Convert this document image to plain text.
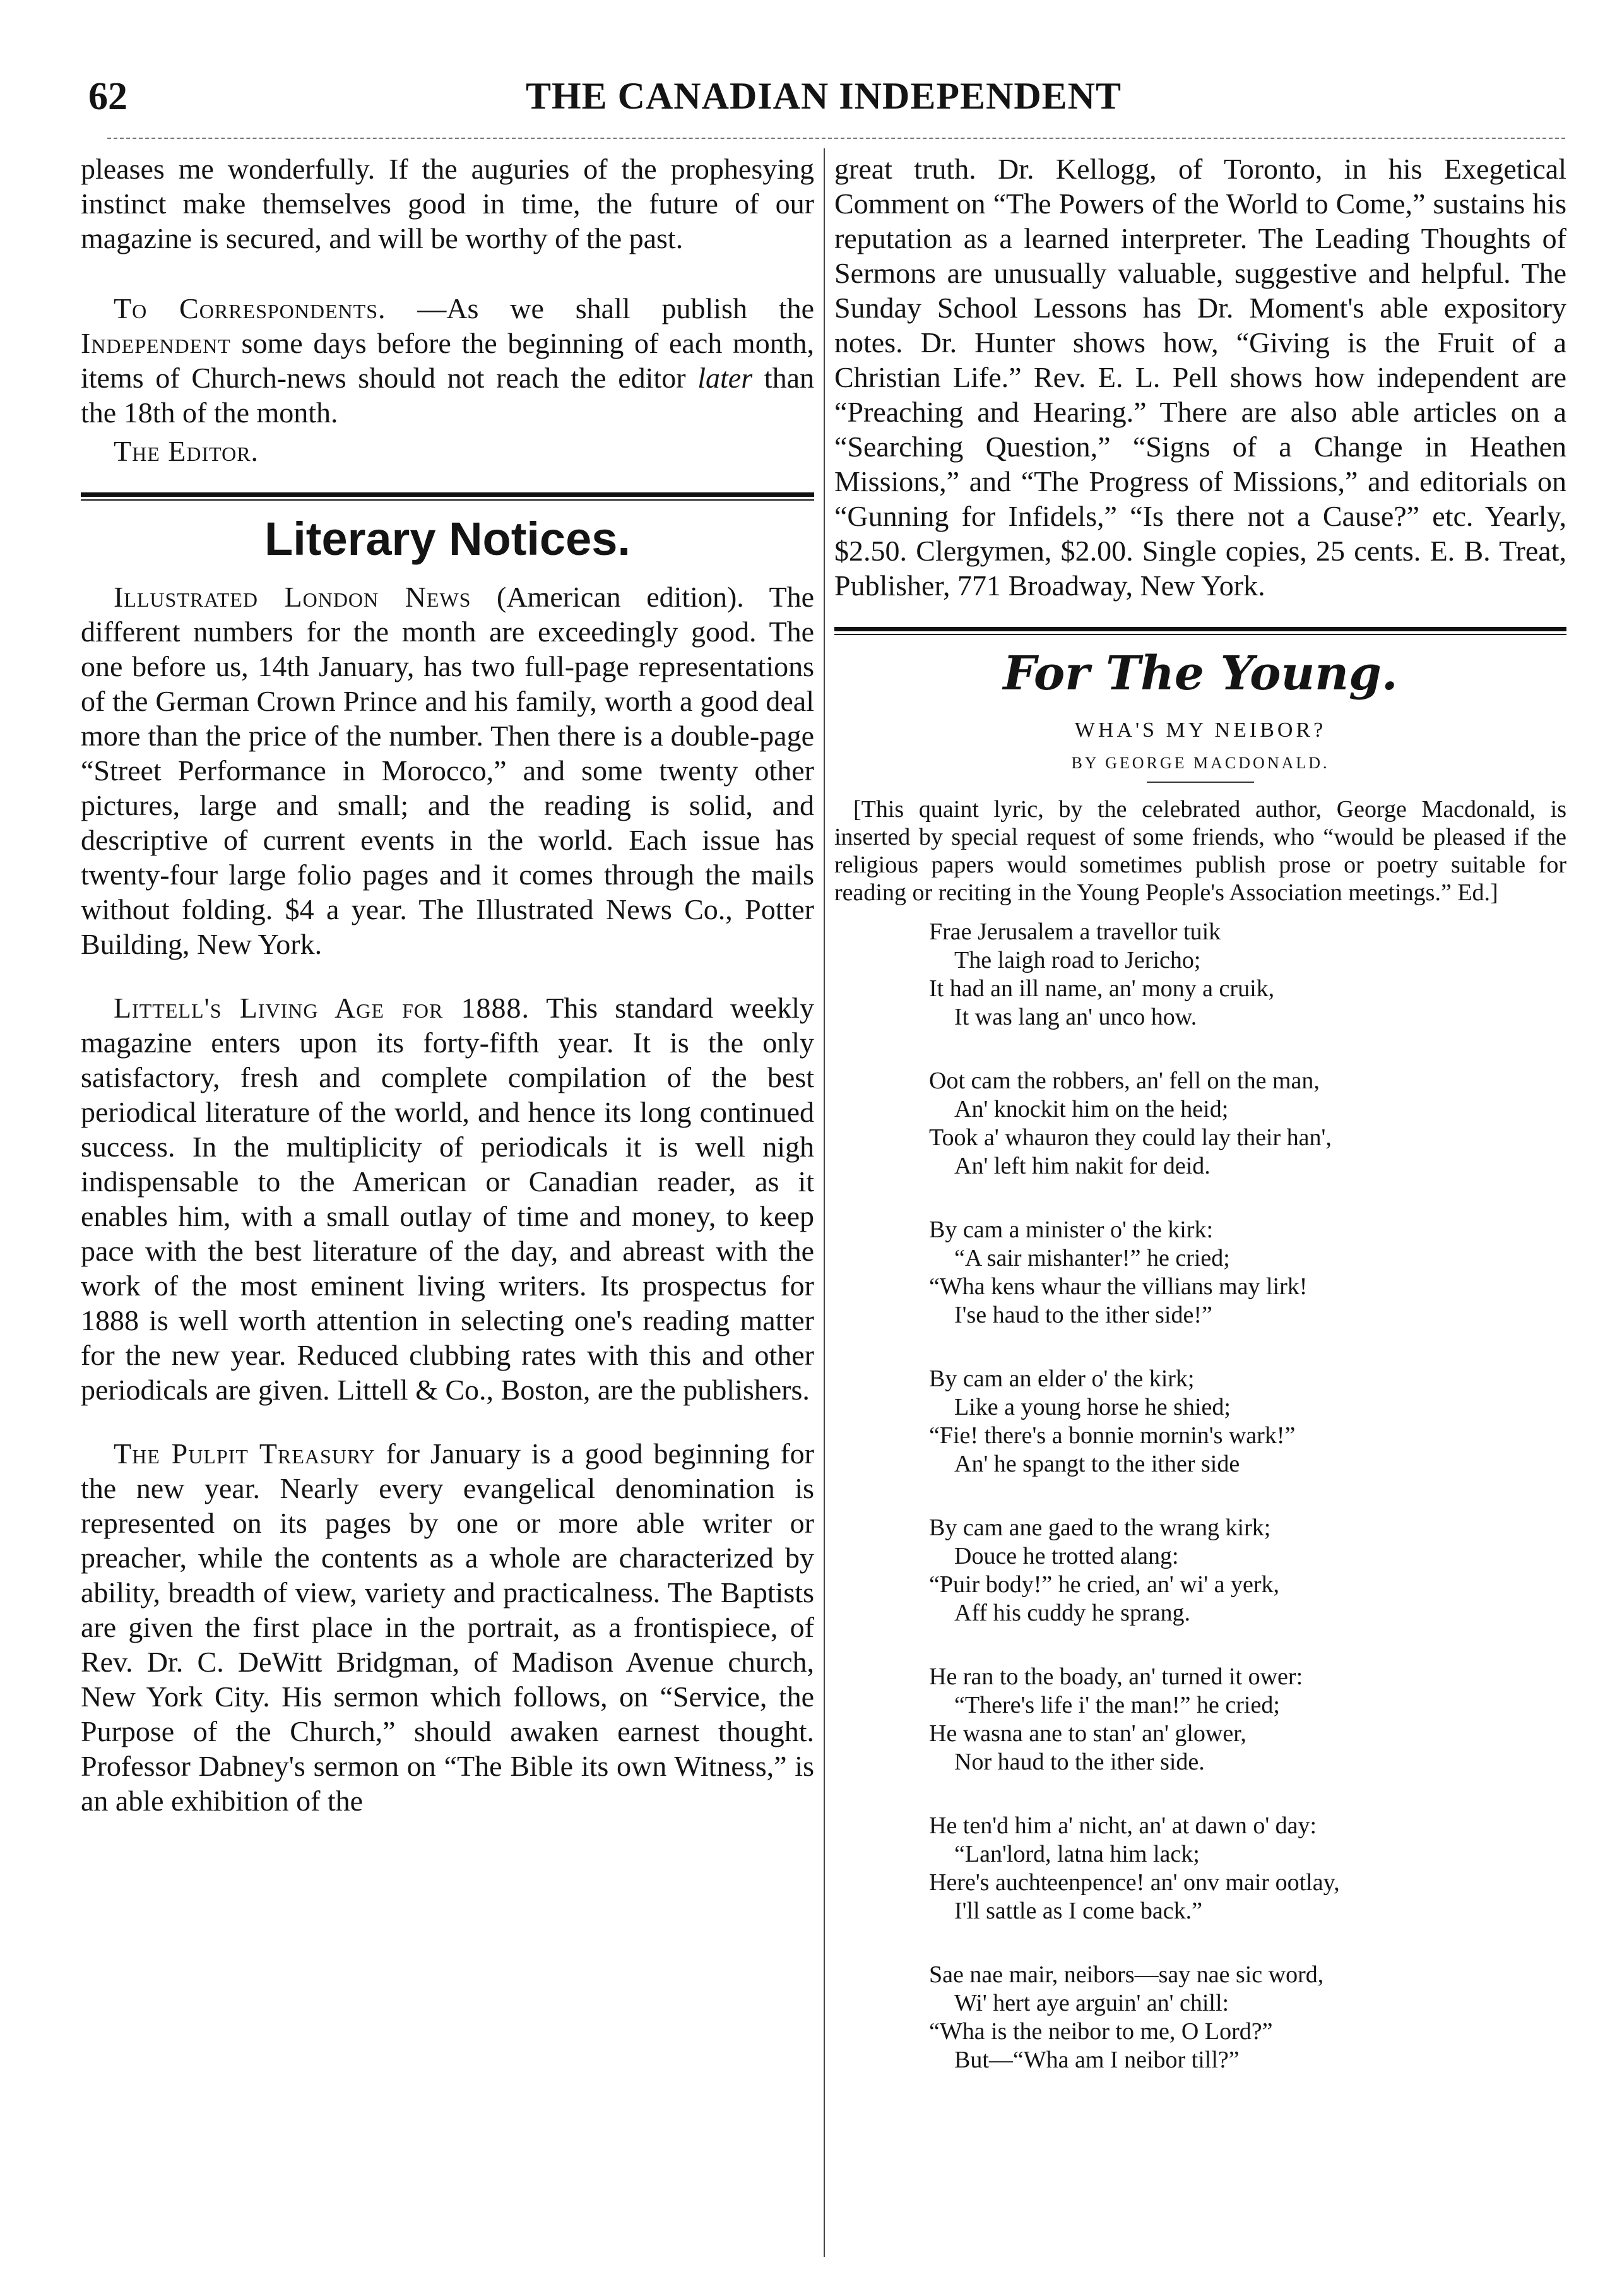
62	THE CANADIAN INDEPENDENT

pleases me wonderfully. If the auguries of the prophesying instinct make themselves good in time, the future of our magazine is secured, and will be worthy of the past.

To Correspondents. —As we shall publish the Independent some days before the beginning of each month, items of Church-news should not reach the editor later than the 18th of the month.

The Editor.

Literary Notices.

Illustrated London News (American edition). The different numbers for the month are exceedingly good. The one before us, 14th January, has two full-page representations of the German Crown Prince and his family, worth a good deal more than the price of the number. Then there is a double-page “Street Performance in Morocco,” and some twenty other pictures, large and small; and the reading is solid, and descriptive of current events in the world. Each issue has twenty-four large folio pages and it comes through the mails without folding. $4 a year. The Illustrated News Co., Potter Building, New York.

Littell's Living Age for 1888. This standard weekly magazine enters upon its forty-fifth year. It is the only satisfactory, fresh and complete compilation of the best periodical literature of the world, and hence its long continued success. In the multiplicity of periodicals it is well nigh indispensable to the American or Canadian reader, as it enables him, with a small outlay of time and money, to keep pace with the best literature of the day, and abreast with the work of the most eminent living writers. Its prospectus for 1888 is well worth attention in selecting one's reading matter for the new year. Reduced clubbing rates with this and other periodicals are given. Littell & Co., Boston, are the publishers.

The Pulpit Treasury for January is a good beginning for the new year. Nearly every evangelical denomination is represented on its pages by one or more able writer or preacher, while the contents as a whole are characterized by ability, breadth of view, variety and practicalness. The Baptists are given the first place in the portrait, as a frontispiece, of Rev. Dr. C. DeWitt Bridgman, of Madison Avenue church, New York City. His sermon which follows, on “Service, the Purpose of the Church,” should awaken earnest thought. Professor Dabney's sermon on “The Bible its own Witness,” is an able exhibition of the

great truth. Dr. Kellogg, of Toronto, in his Exegetical Comment on “The Powers of the World to Come,” sustains his reputation as a learned interpreter. The Leading Thoughts of Sermons are unusually valuable, suggestive and helpful. The Sunday School Lessons has Dr. Moment's able expository notes. Dr. Hunter shows how, “Giving is the Fruit of a Christian Life.” Rev. E. L. Pell shows how independent are “Preaching and Hearing.” There are also able articles on a “Searching Question,” “Signs of a Change in Heathen Missions,” and “The Progress of Missions,” and editorials on “Gunning for Infidels,” “Is there not a Cause?” etc. Yearly, $2.50. Clergymen, $2.00. Single copies, 25 cents. E. B. Treat, Publisher, 771 Broadway, New York.

For The Young.
WHA'S MY NEIBOR?
BY GEORGE MACDONALD.

[This quaint lyric, by the celebrated author, George Macdonald, is inserted by special request of some friends, who “would be pleased if the religious papers would sometimes publish prose or poetry suitable for reading or reciting in the Young People's Association meetings.” Ed.]

Frae Jerusalem a travellor tuik
The laigh road to Jericho;
It had an ill name, an' mony a cruik,
It was lang an' unco how.
Oot cam the robbers, an' fell on the man,
An' knockit him on the heid;
Took a' whauron they could lay their han',
An' left him nakit for deid.
By cam a minister o' the kirk:
“A sair mishanter!” he cried;
“Wha kens whaur the villians may lirk!
I'se haud to the ither side!”
By cam an elder o' the kirk;
Like a young horse he shied;
“Fie! there's a bonnie mornin's wark!”
An' he spangt to the ither side
By cam ane gaed to the wrang kirk;
Douce he trotted alang:
“Puir body!” he cried, an' wi' a yerk,
Aff his cuddy he sprang.
He ran to the boady, an' turned it ower:
“There's life i' the man!” he cried;
He wasna ane to stan' an' glower,
Nor haud to the ither side.
He ten'd him a' nicht, an' at dawn o' day:
“Lan'lord, latna him lack;
Here's auchteenpence! an' onv mair ootlay,
I'll sattle as I come back.”
Sae nae mair, neibors—say nae sic word,
Wi' hert aye arguin' an' chill:
“Wha is the neibor to me, O Lord?”
But—“Wha am I neibor till?”
